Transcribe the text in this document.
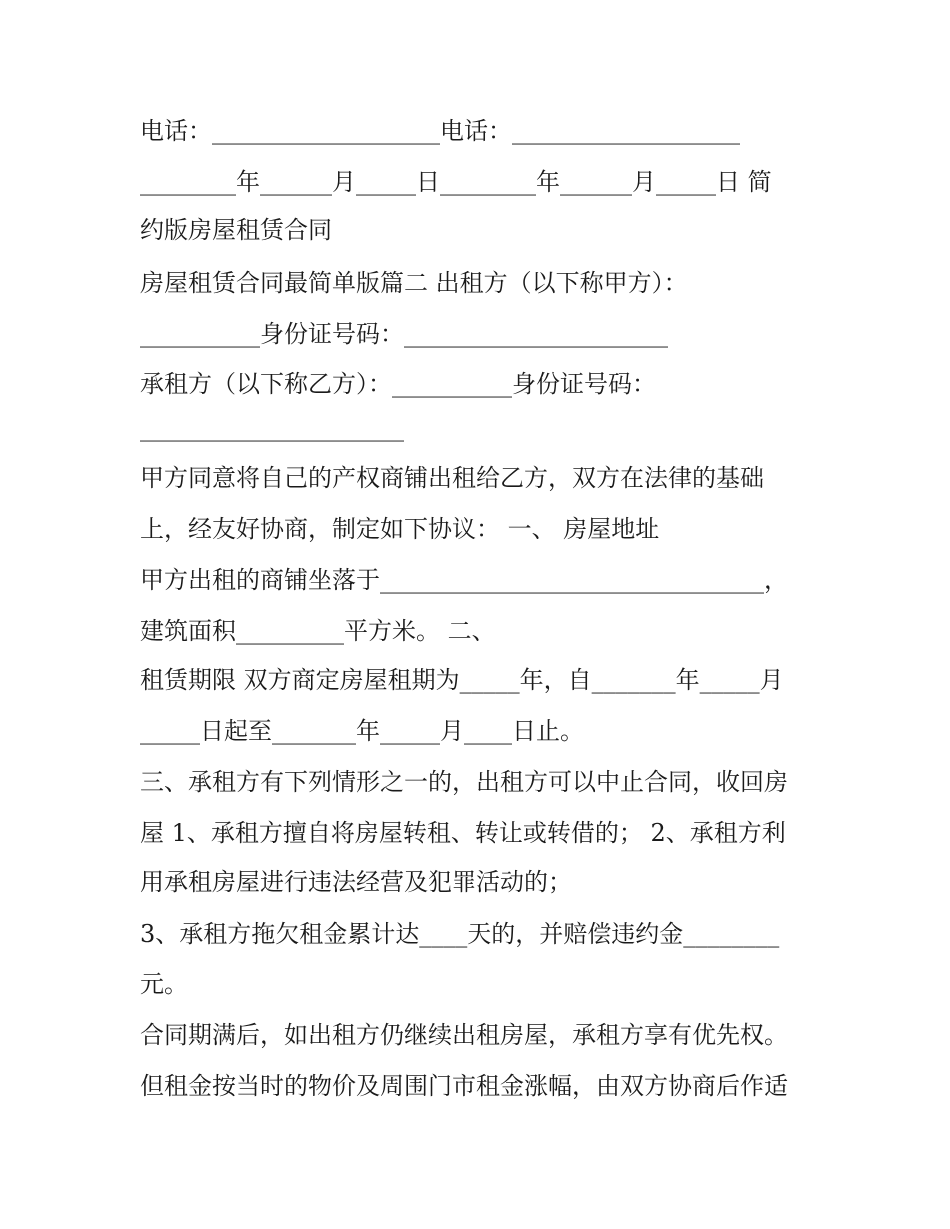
电话：___________________电话：___________________

________年______月_____日________年______月_____日 简

约版房屋租赁合同

房屋租赁合同最简单版篇二 出租方（以下称甲方）：

__________身份证号码：______________________

承租方（以下称乙方）：__________身份证号码：

______________________

甲方同意将自己的产权商铺出租给乙方，双方在法律的基础

上，经友好协商，制定如下协议： 一、 房屋地址

甲方出租的商铺坐落于________________________________，

建筑面积_________平方米。 二、

租赁期限 双方商定房屋租期为_____年，自_______年_____月

_____日起至_______年_____月____日止。

三、承租方有下列情形之一的，出租方可以中止合同，收回房

屋 1、承租方擅自将房屋转租、转让或转借的； 2、承租方利

用承租房屋进行违法经营及犯罪活动的；

3、承租方拖欠租金累计达____天的，并赔偿违约金________

元。

合同期满后，如出租方仍继续出租房屋，承租方享有优先权。

但租金按当时的物价及周围门市租金涨幅，由双方协商后作适
